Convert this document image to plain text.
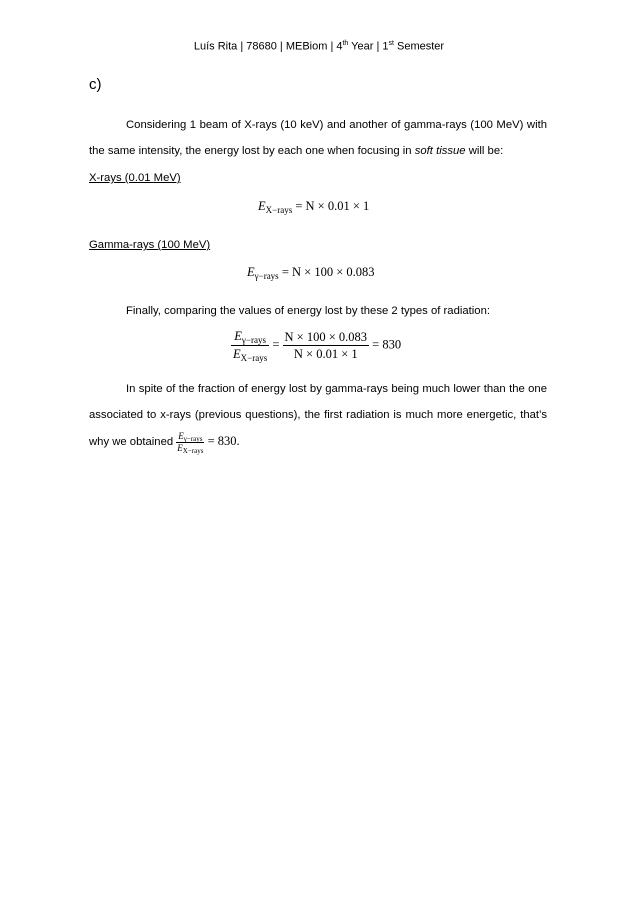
Luís Rita | 78680 | MEBiom | 4th Year | 1st Semester
c)
Considering 1 beam of X-rays (10 keV) and another of gamma-rays (100 MeV) with the same intensity, the energy lost by each one when focusing in soft tissue will be:
X-rays (0.01 MeV)
$E_{X-rays} = N \times 0.01 \times 1$
Gamma-rays (100 MeV)
$E_{\gamma-rays} = N \times 100 \times 0.083$
Finally, comparing the values of energy lost by these 2 types of radiation:
$\frac{E_{\gamma-rays}}{E_{X-rays}} = \frac{N \times 100 \times 0.083}{N \times 0.01 \times 1} = 830$
In spite of the fraction of energy lost by gamma-rays being much lower than the one associated to x-rays (previous questions), the first radiation is much more energetic, that’s why we obtained $\frac{E_{\gamma-rays}}{E_{X-rays}} = 830$.
